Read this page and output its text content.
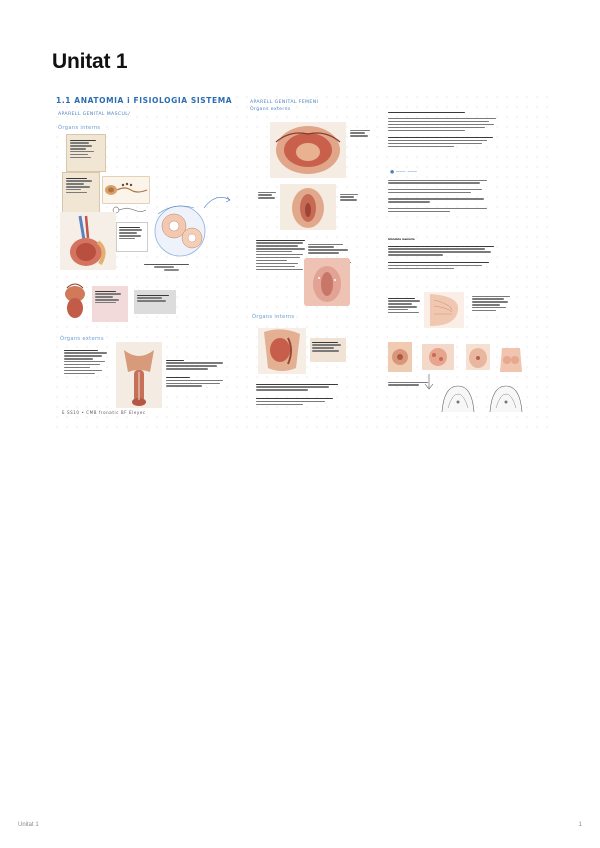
Unitat 1
1.1 ANATOMIA i FISIOLOGIA SISTEMA
APARELL GENITAL MASCUL/
Òrgans interns
Òrgans externs
E SS10 • CMB fronatic BF Eleyec
APARELL GENITAL FEMENI
Òrgans externs
Òrgans interns
● ─── ───
Glàndula mamària
Unitat 1	1
